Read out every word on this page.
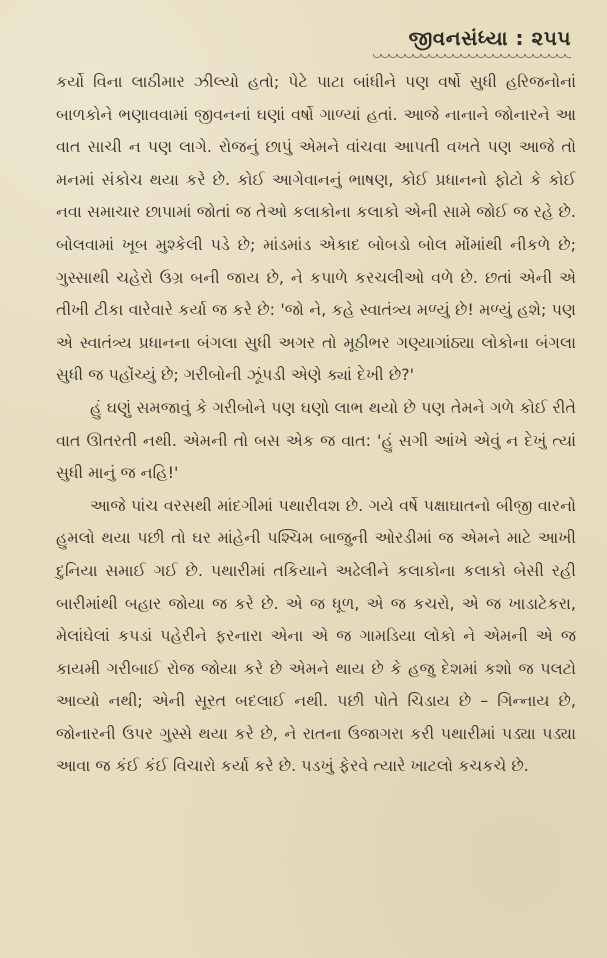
જીવનસંધ્યા : ૨૫૫

કર્યો વિના લાઠીમાર ઝીલ્યો હતો; પેટે પાટા બાંધીને પણ વર્ષો સુધી હરિજનોનાં બાળકોને ભણાવવામાં જીવનનાં ઘણાં વર્ષો ગાળ્યાં હતાં. આજે નાનાને જોનારને આ વાત સાચી ન પણ લાગે. રોજનું છાપું એમને વાંચવા આપતી વખતે પણ આજે તો મનમાં સંકોચ થયા કરે છે. કોઈ આગેવાનનું ભાષણ, કોઈ પ્રધાનનો ફોટો કે કોઈ નવા સમાચાર છાપામાં જોતાં જ તેઓ કલાકોના કલાકો એની સામે જોઈ જ રહે છે. બોલવામાં ખૂબ મુશ્કેલી પડે છે; માંડમાંડ એકાદ બોબડો બોલ મોંમાંથી નીકળે છે; ગુસ્સાથી ચહેરો ઉગ્ર બની જાય છે, ને કપાળે કરચલીઓ વળે છે. છતાં એની એ તીખી ટીકા વારેવારે કર્યા જ કરે છે: 'જો ને, કહે સ્વાતંત્ર્ય મળ્યું છે! મળ્યું હશે; પણ એ સ્વાતંત્ર્ય પ્રધાનના બંગલા સુધી અગર તો મૂઠીભર ગણ્યાગાંઠ્યા લોકોના બંગલા સુધી જ પહોંચ્યું છે; ગરીબોની ઝૂંપડી એણે ક્યાં દેખી છે?'

હું ઘણું સમજાવું કે ગરીબોને પણ ઘણો લાભ થયો છે પણ તેમને ગળે કોઈ રીતે વાત ઊતરતી નથી. એમની તો બસ એક જ વાત: 'હું સગી આંખે એવું ન દેખું ત્યાં સુધી માનું જ નહિ!'

આજે પાંચ વરસથી માંદગીમાં પથારીવશ છે. ગયે વર્ષે પક્ષાઘાતનો બીજી વારનો હુમલો થયા પછી તો ઘર માંહેની પશ્ચિમ બાજુની ઓરડીમાં જ એમને માટે આખી દુનિયા સમાઈ ગઈ છે. પથારીમાં તકિયાને અઢેલીને કલાકોના કલાકો બેસી રહી બારીમાંથી બહાર જોયા જ કરે છે. એ જ ધૂળ, એ જ કચરો, એ જ ખાડાટેકરા, મેલાંઘેલાં કપડાં પહેરીને ફરનારા એના એ જ ગામડિયા લોકો ને એમની એ જ કાયમી ગરીબાઈ રોજ જોયા કરે છે એમને થાય છે કે હજુ દેશમાં કશો જ પલટો આવ્યો નથી; એની સૂરત બદલાઈ નથી. પછી પોતે ચિડાય છે – ગિન્નાય છે, જોનારની ઉપર ગુસ્સે થયા કરે છે, ને રાતના ઉજાગરા કરી પથારીમાં પડ્યા પડ્યા આવા જ કંઈ કંઈ વિચારો કર્યા કરે છે. પડખું ફેરવે ત્યારે ખાટલો કચકચે છે.
